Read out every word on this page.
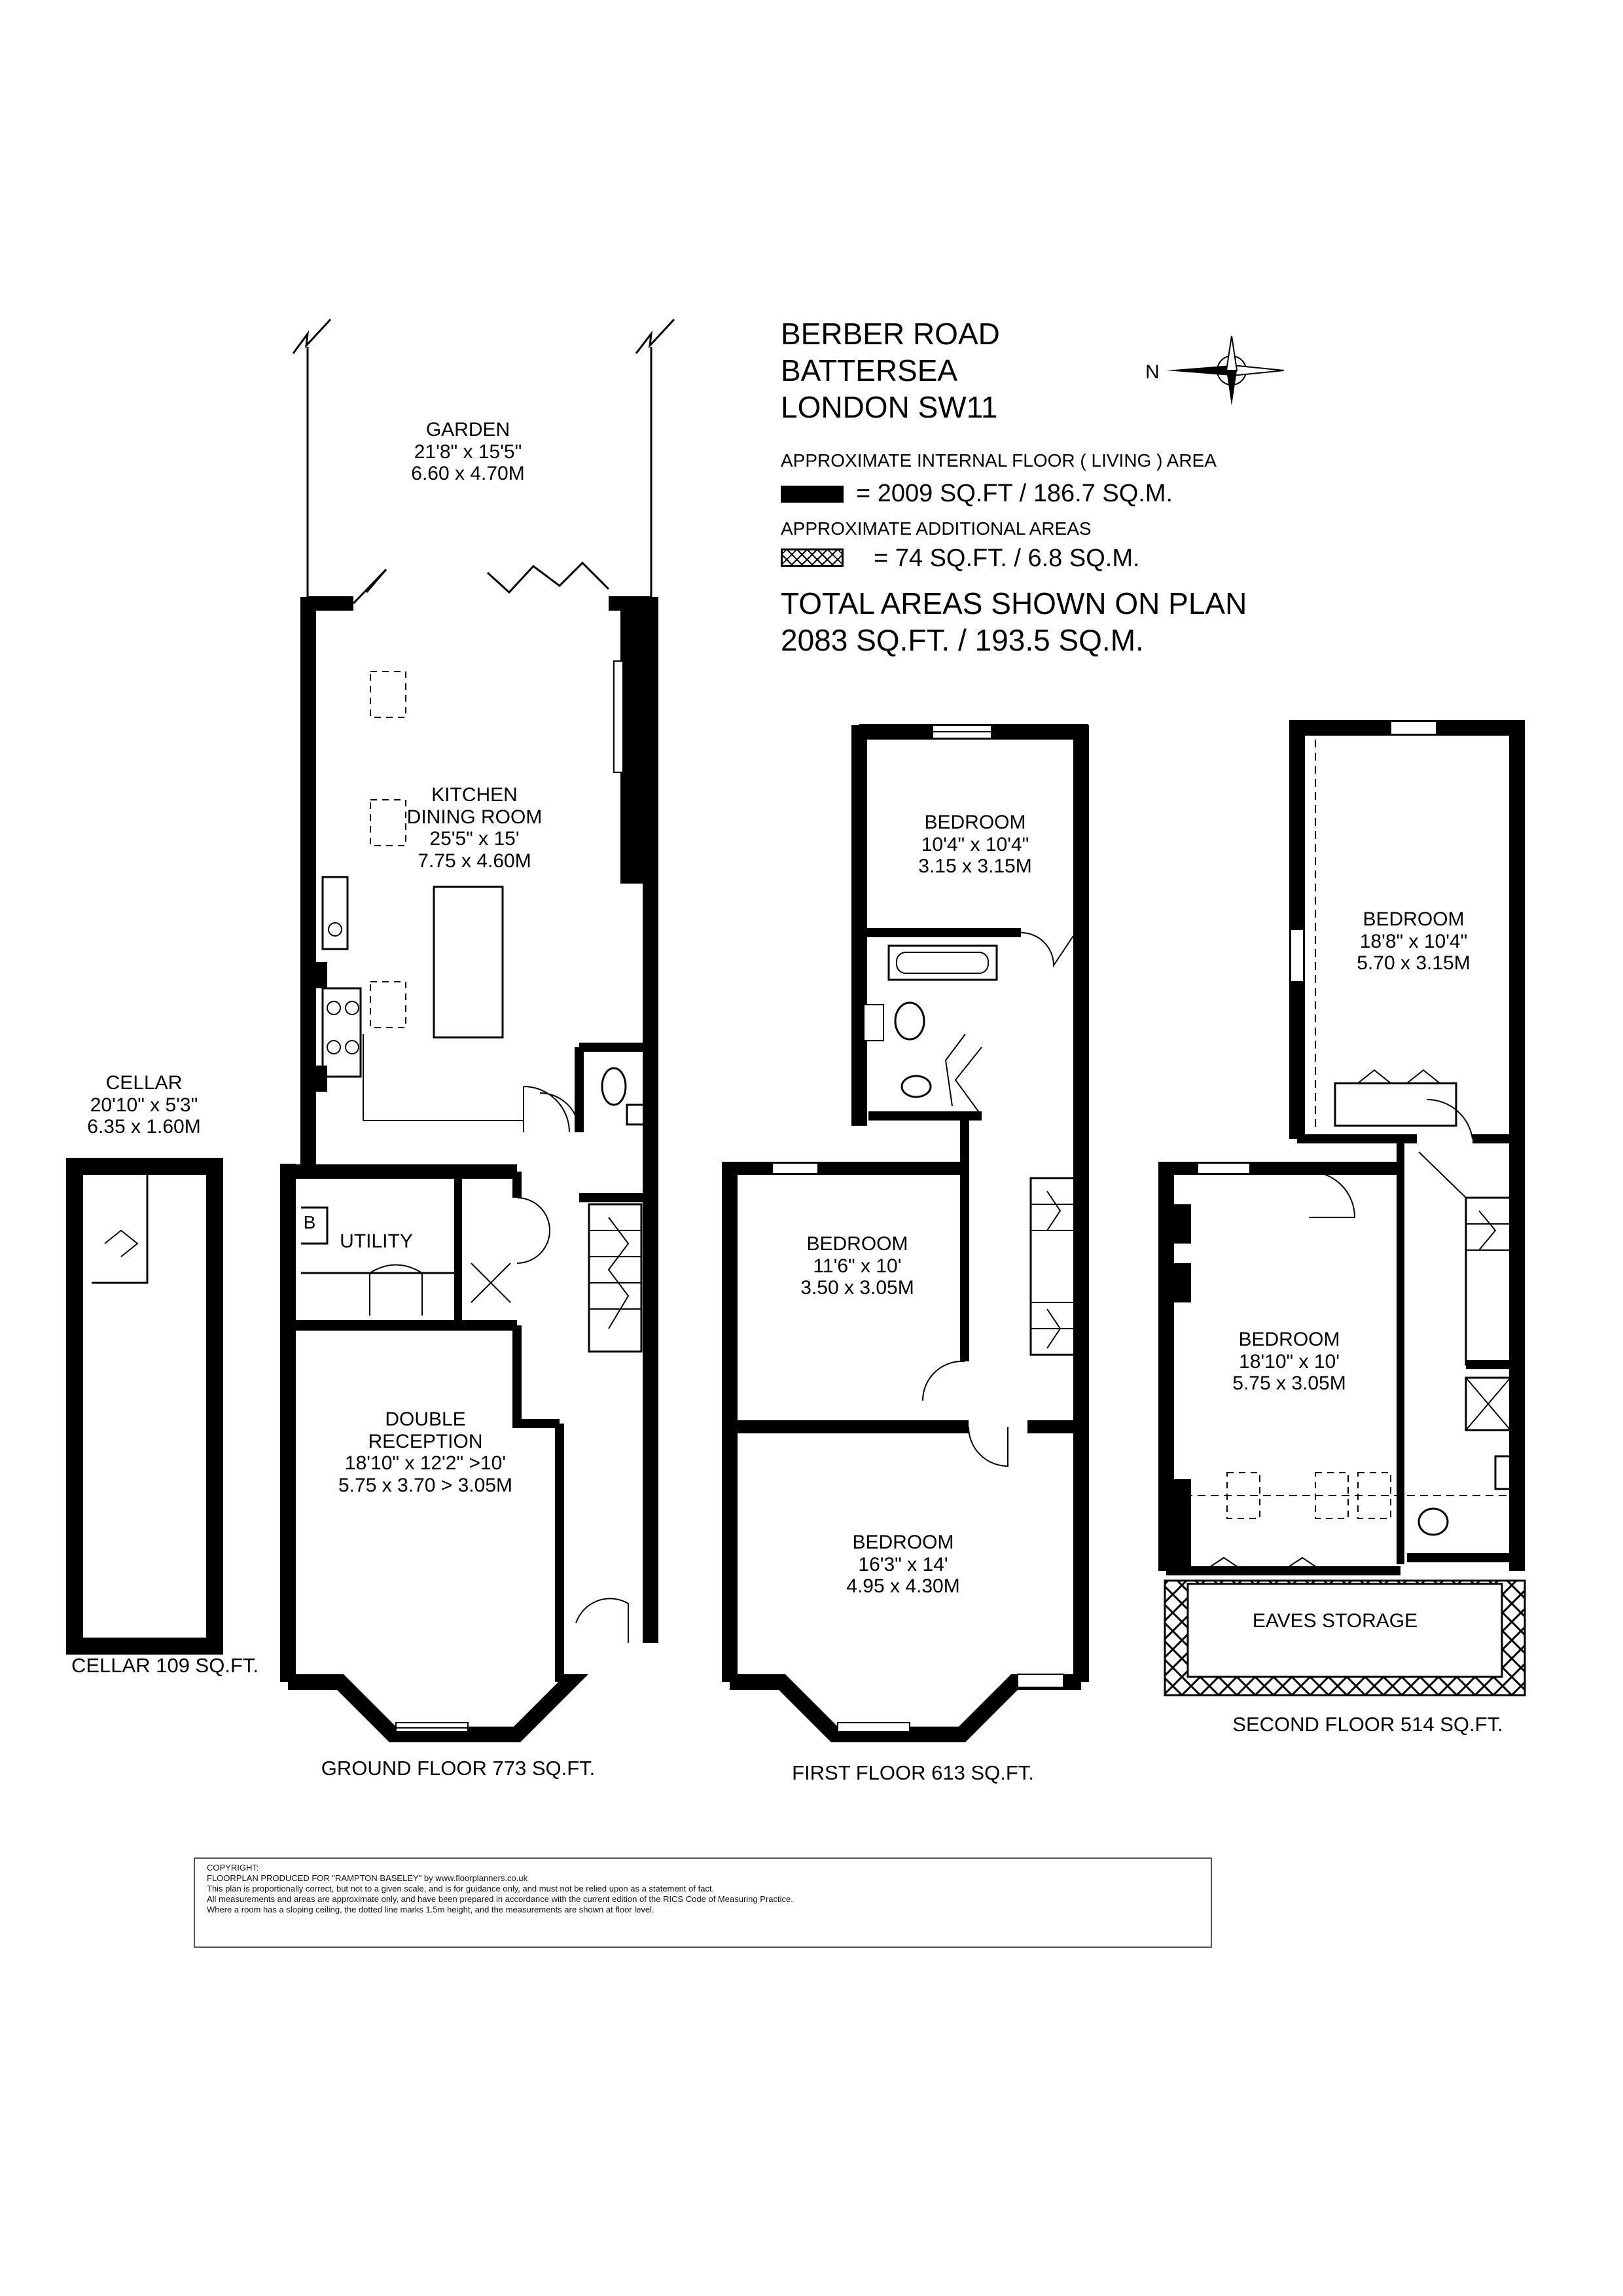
BERBER ROAD
BATTERSEA
LONDON SW11
N
APPROXIMATE INTERNAL FLOOR ( LIVING ) AREA
= 2009 SQ.FT / 186.7 SQ.M.
APPROXIMATE ADDITIONAL AREAS
= 74 SQ.FT. / 6.8 SQ.M.
TOTAL AREAS SHOWN ON PLAN
2083 SQ.FT. / 193.5 SQ.M.
GARDEN
21'8" x 15'5"
6.60 x 4.70M
KITCHEN
DINING ROOM
25'5" x 15'
7.75 x 4.60M
B
UTILITY
DOUBLE
RECEPTION
18'10" x 12'2" >10'
5.75 x 3.70 > 3.05M
CELLAR
20'10" x 5'3"
6.35 x 1.60M
BEDROOM
10'4" x 10'4"
3.15 x 3.15M
BEDROOM
11'6" x 10'
3.50 x 3.05M
BEDROOM
16'3" x 14'
4.95 x 4.30M
BEDROOM
18'8" x 10'4"
5.70 x 3.15M
BEDROOM
18'10" x 10'
5.75 x 3.05M
EAVES STORAGE
CELLAR 109 SQ.FT.
GROUND FLOOR 773 SQ.FT.	FIRST FLOOR 613 SQ.FT.
SECOND FLOOR 514 SQ.FT.
COPYRIGHT:
FLOORPLAN PRODUCED FOR "RAMPTON BASELEY" by www.floorplanners.co.uk
This plan is proportionally correct, but not to a given scale, and is for guidance only, and must not be relied upon as a statement of fact.
All measurements and areas are approximate only, and have been prepared in accordance with the current edition of the RICS Code of Measuring Practice.
Where a room has a sloping ceiling, the dotted line marks 1.5m height, and the measurements are shown at floor level.
